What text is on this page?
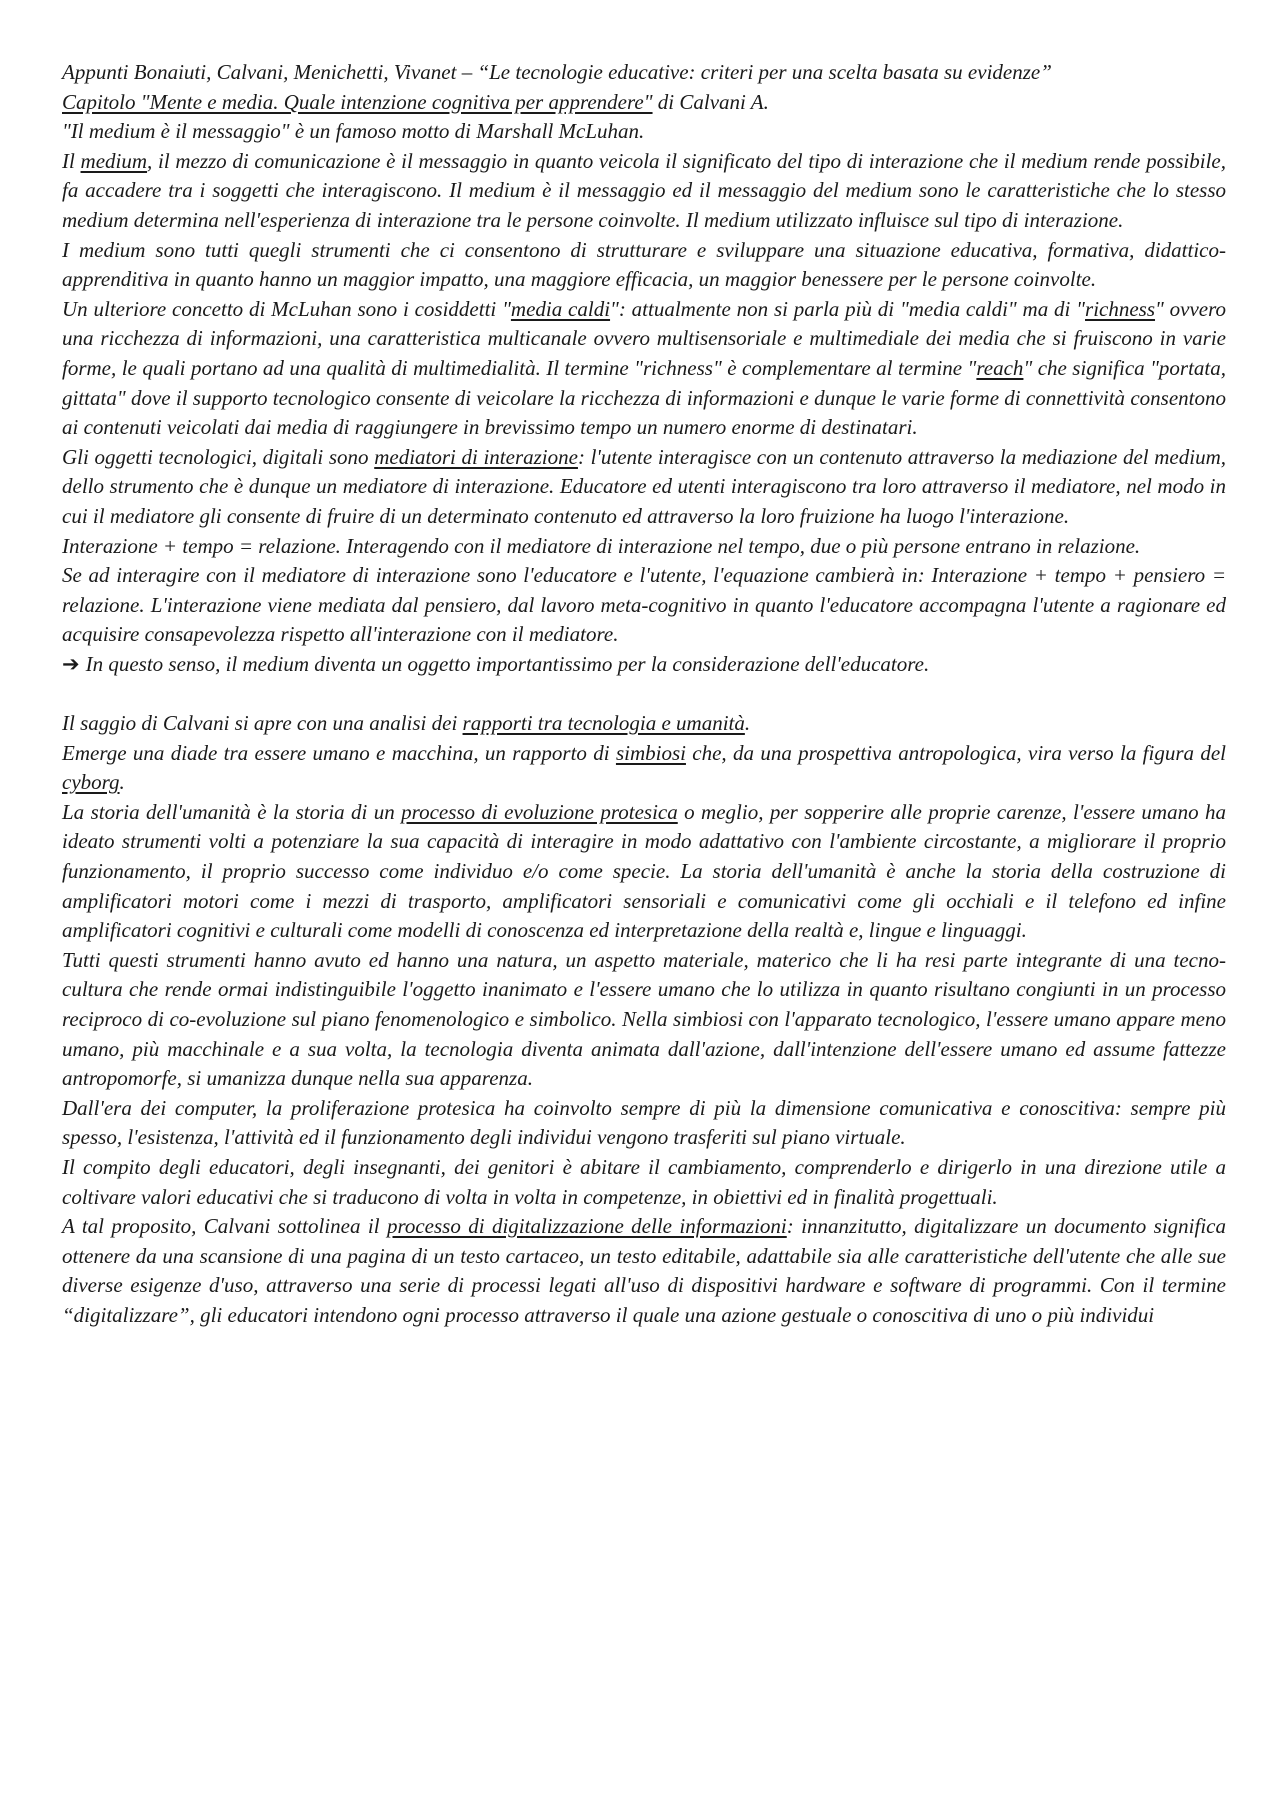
Appunti Bonaiuti, Calvani, Menichetti, Vivanet – “Le tecnologie educative: criteri per una scelta basata su evidenze”

Capitolo "Mente e media. Quale intenzione cognitiva per apprendere" di Calvani A.

"Il medium è il messaggio" è un famoso motto di Marshall McLuhan.

Il medium, il mezzo di comunicazione è il messaggio in quanto veicola il significato del tipo di interazione che il medium rende possibile, fa accadere tra i soggetti che interagiscono. Il medium è il messaggio ed il messaggio del medium sono le caratteristiche che lo stesso medium determina nell'esperienza di interazione tra le persone coinvolte. Il medium utilizzato influisce sul tipo di interazione.

I medium sono tutti quegli strumenti che ci consentono di strutturare e sviluppare una situazione educativa, formativa, didattico-apprenditiva in quanto hanno un maggior impatto, una maggiore efficacia, un maggior benessere per le persone coinvolte.

Un ulteriore concetto di McLuhan sono i cosiddetti "media caldi": attualmente non si parla più di "media caldi" ma di "richness" ovvero una ricchezza di informazioni, una caratteristica multicanale ovvero multisensoriale e multimediale dei media che si fruiscono in varie forme, le quali portano ad una qualità di multimedialità. Il termine "richness" è complementare al termine "reach" che significa "portata, gittata" dove il supporto tecnologico consente di veicolare la ricchezza di informazioni e dunque le varie forme di connettività consentono ai contenuti veicolati dai media di raggiungere in brevissimo tempo un numero enorme di destinatari.

Gli oggetti tecnologici, digitali sono mediatori di interazione: l'utente interagisce con un contenuto attraverso la mediazione del medium, dello strumento che è dunque un mediatore di interazione. Educatore ed utenti interagiscono tra loro attraverso il mediatore, nel modo in cui il mediatore gli consente di fruire di un determinato contenuto ed attraverso la loro fruizione ha luogo l'interazione.

Interazione + tempo = relazione. Interagendo con il mediatore di interazione nel tempo, due o più persone entrano in relazione.

Se ad interagire con il mediatore di interazione sono l'educatore e l'utente, l'equazione cambierà in: Interazione + tempo + pensiero = relazione. L'interazione viene mediata dal pensiero, dal lavoro meta-cognitivo in quanto l'educatore accompagna l'utente a ragionare ed acquisire consapevolezza rispetto all'interazione con il mediatore.

➔ In questo senso, il medium diventa un oggetto importantissimo per la considerazione dell'educatore.

Il saggio di Calvani si apre con una analisi dei rapporti tra tecnologia e umanità.

Emerge una diade tra essere umano e macchina, un rapporto di simbiosi che, da una prospettiva antropologica, vira verso la figura del cyborg.

La storia dell'umanità è la storia di un processo di evoluzione protesica o meglio, per sopperire alle proprie carenze, l'essere umano ha ideato strumenti volti a potenziare la sua capacità di interagire in modo adattativo con l'ambiente circostante, a migliorare il proprio funzionamento, il proprio successo come individuo e/o come specie. La storia dell'umanità è anche la storia della costruzione di amplificatori motori come i mezzi di trasporto, amplificatori sensoriali e comunicativi come gli occhiali e il telefono ed infine amplificatori cognitivi e culturali come modelli di conoscenza ed interpretazione della realtà e, lingue e linguaggi.

Tutti questi strumenti hanno avuto ed hanno una natura, un aspetto materiale, materico che li ha resi parte integrante di una tecno-cultura che rende ormai indistinguibile l'oggetto inanimato e l'essere umano che lo utilizza in quanto risultano congiunti in un processo reciproco di co-evoluzione sul piano fenomenologico e simbolico. Nella simbiosi con l'apparato tecnologico, l'essere umano appare meno umano, più macchinale e a sua volta, la tecnologia diventa animata dall'azione, dall'intenzione dell'essere umano ed assume fattezze antropomorfe, si umanizza dunque nella sua apparenza.

Dall'era dei computer, la proliferazione protesica ha coinvolto sempre di più la dimensione comunicativa e conoscitiva: sempre più spesso, l'esistenza, l'attività ed il funzionamento degli individui vengono trasferiti sul piano virtuale.

Il compito degli educatori, degli insegnanti, dei genitori è abitare il cambiamento, comprenderlo e dirigerlo in una direzione utile a coltivare valori educativi che si traducono di volta in volta in competenze, in obiettivi ed in finalità progettuali.

A tal proposito, Calvani sottolinea il processo di digitalizzazione delle informazioni: innanzitutto, digitalizzare un documento significa ottenere da una scansione di una pagina di un testo cartaceo, un testo editabile, adattabile sia alle caratteristiche dell'utente che alle sue diverse esigenze d'uso, attraverso una serie di processi legati all'uso di dispositivi hardware e software di programmi. Con il termine “digitalizzare”, gli educatori intendono ogni processo attraverso il quale una azione gestuale o conoscitiva di uno o più individui
